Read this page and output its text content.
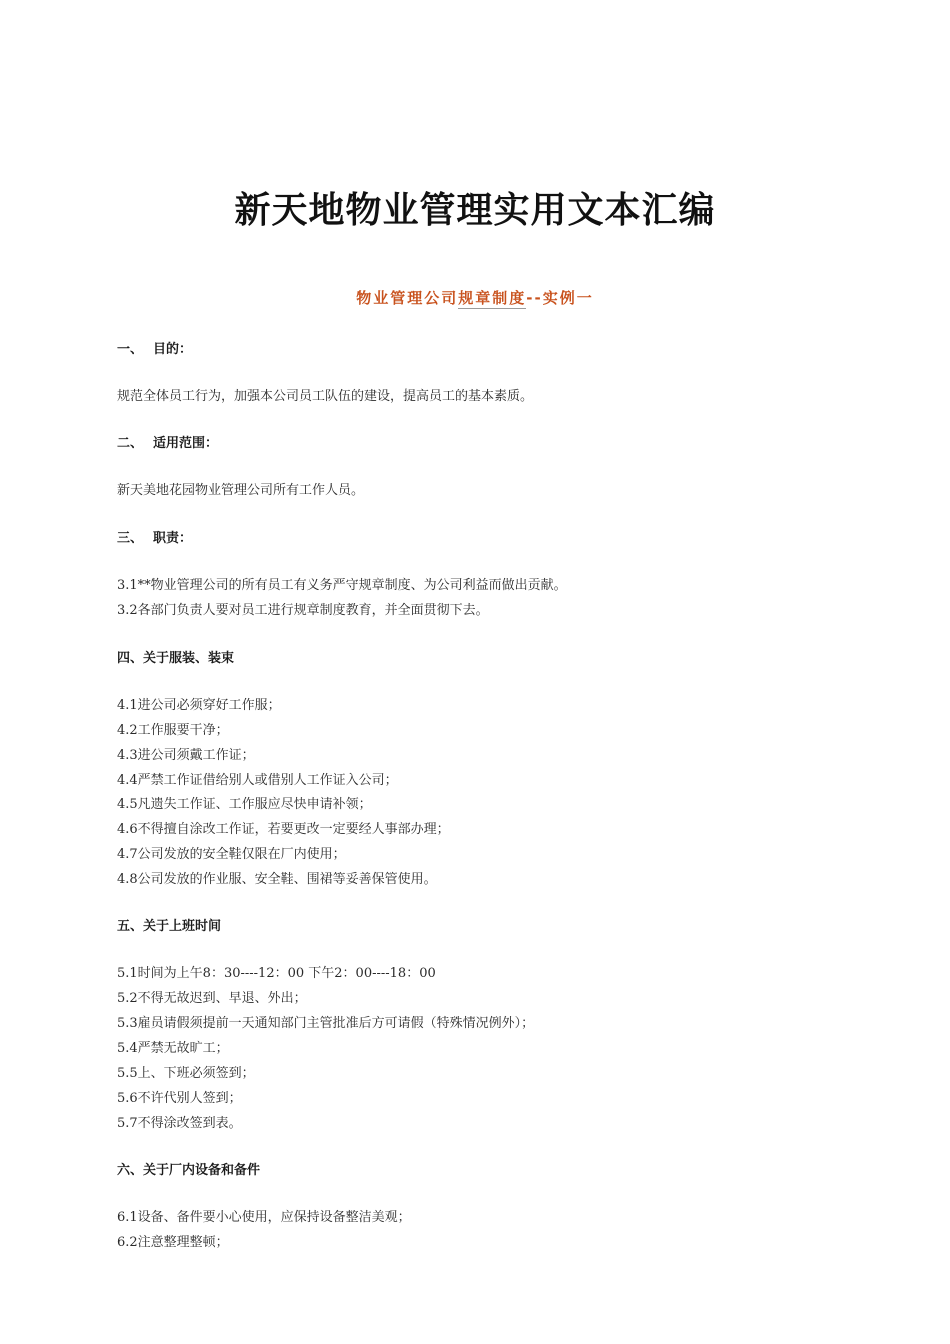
新天地物业管理实用文本汇编
物业管理公司规章制度--实例一
一、 目的：
规范全体员工行为，加强本公司员工队伍的建设，提高员工的基本素质。
二、 适用范围：
新天美地花园物业管理公司所有工作人员。
三、 职责：
3.1**物业管理公司的所有员工有义务严守规章制度、为公司利益而做出贡献。
3.2各部门负责人要对员工进行规章制度教育，并全面贯彻下去。
四、关于服装、装束
4.1进公司必须穿好工作服；
4.2工作服要干净；
4.3进公司须戴工作证；
4.4严禁工作证借给别人或借别人工作证入公司；
4.5凡遗失工作证、工作服应尽快申请补领；
4.6不得擅自涂改工作证，若要更改一定要经人事部办理；
4.7公司发放的安全鞋仅限在厂内使用；
4.8公司发放的作业服、安全鞋、围裙等妥善保管使用。
五、关于上班时间
5.1时间为上午8：30----12：00 下午2：00----18：00
5.2不得无故迟到、早退、外出；
5.3雇员请假须提前一天通知部门主管批准后方可请假（特殊情况例外）；
5.4严禁无故旷工；
5.5上、下班必须签到；
5.6不许代别人签到；
5.7不得涂改签到表。
六、关于厂内设备和备件
6.1设备、备件要小心使用，应保持设备整洁美观；
6.2注意整理整顿；
